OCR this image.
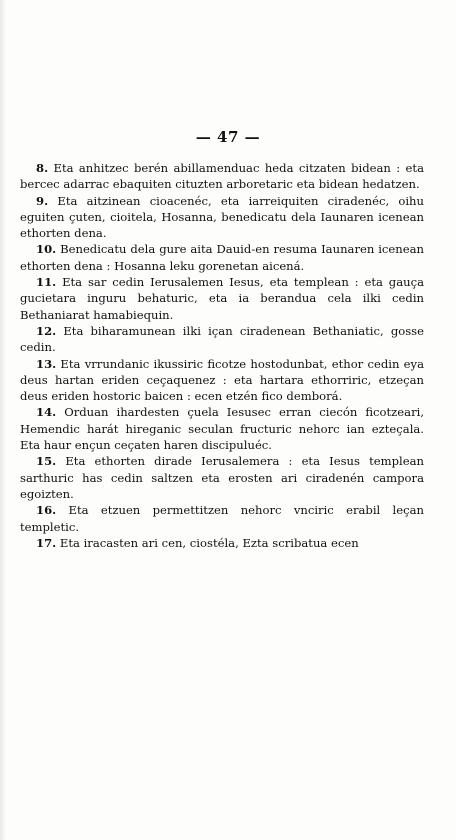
— 47 —

8. Eta anhitzec berén abillamenduac heda citzaten bidean : eta bercec adarrac ebaquiten cituzten arboretaric eta bidean hedatzen.

9. Eta aitzinean cioacenéc, eta iarreiquiten ciradenéc, oihu eguiten çuten, cioitela, Hosanna, benedicatu dela Iaunaren icenean ethorten dena.

10. Benedicatu dela gure aita Dauid-en resuma Iaunaren icenean ethorten dena : Hosanna leku gorenetan aicená.

11. Eta sar cedin Ierusalemen Iesus, eta templean : eta gauça gucietara inguru behaturic, eta ia berandua cela ilki cedin Bethaniarat hamabiequin.

12. Eta biharamunean ilki içan ciradenean Bethaniatic, gosse cedin.

13. Eta vrrundanic ikussiric ficotze hostodunbat, ethor cedin eya deus hartan eriden ceçaquenez : eta hartara ethorriric, etzeçan deus eriden hostoric baicen : ecen etzén fico demborá.

14. Orduan ihardesten çuela Iesusec erran ciecón ficotzeari, Hemendic harát hireganic seculan fructuric nehorc ian ezteçala. Eta haur ençun ceçaten haren discipuluéc.

15. Eta ethorten dirade Ierusalemera : eta Iesus templean sarthuric has cedin saltzen eta erosten ari ciradenén campora egoizten.

16. Eta etzuen permettitzen nehorc vnciric erabil leçan templetic.

17. Eta iracasten ari cen, ciostéla, Ezta scribatua ecen
